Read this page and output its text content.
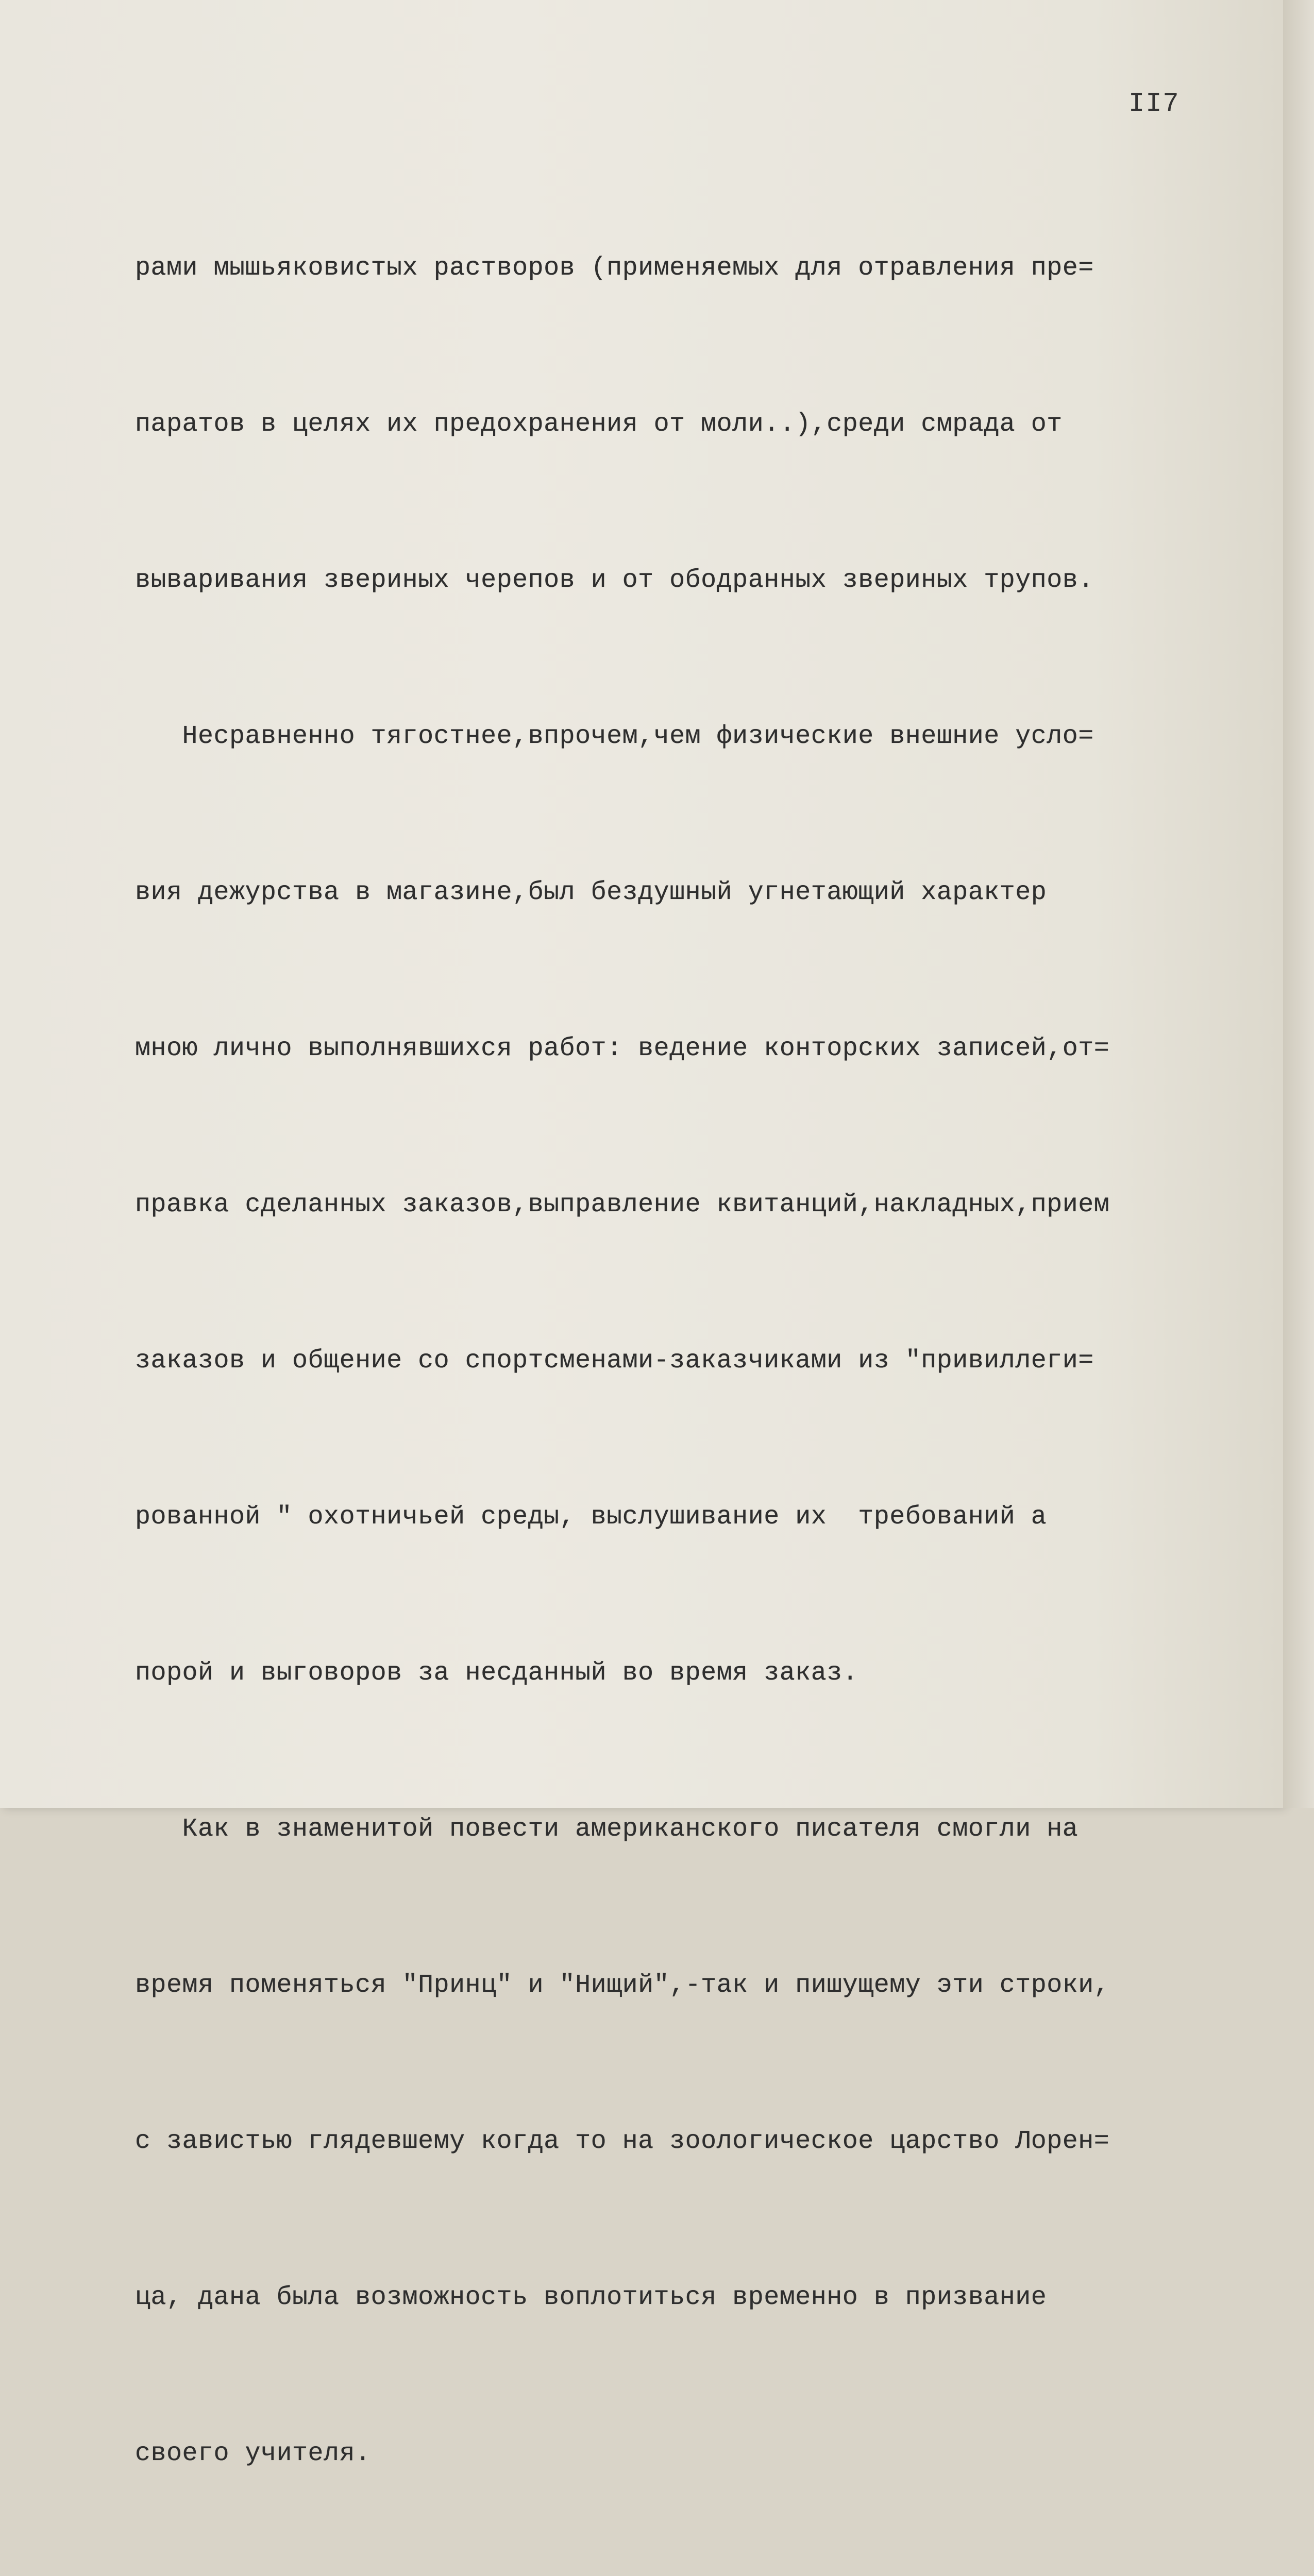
II7

рами мышьяковистых растворов (применяемых для отравления пре=

паратов в целях их предохранения от моли..),среди смрада от

вываривания звериных черепов и от ободранных звериных трупов.

Несравненно тягостнее,впрочем,чем физические внешние усло=

вия дежурства в магазине,был бездушный угнетающий характер

мною лично выполнявшихся работ: ведение конторских записей,от=

правка сделанных заказов,выправление квитанций,накладных,прием

заказов и общение со спортсменами-заказчиками из "привиллеги=

рованной " охотничьей среды, выслушивание их  требований а

порой и выговоров за несданный во время заказ.

Как в знаменитой повести американского писателя смогли на

время поменяться "Принц" и "Нищий",-так и пишущему эти строки,

с завистью глядевшему когда то на зоологическое царство Лорен=

ца, дана была возможность воплотиться временно в призвание

своего учителя.
